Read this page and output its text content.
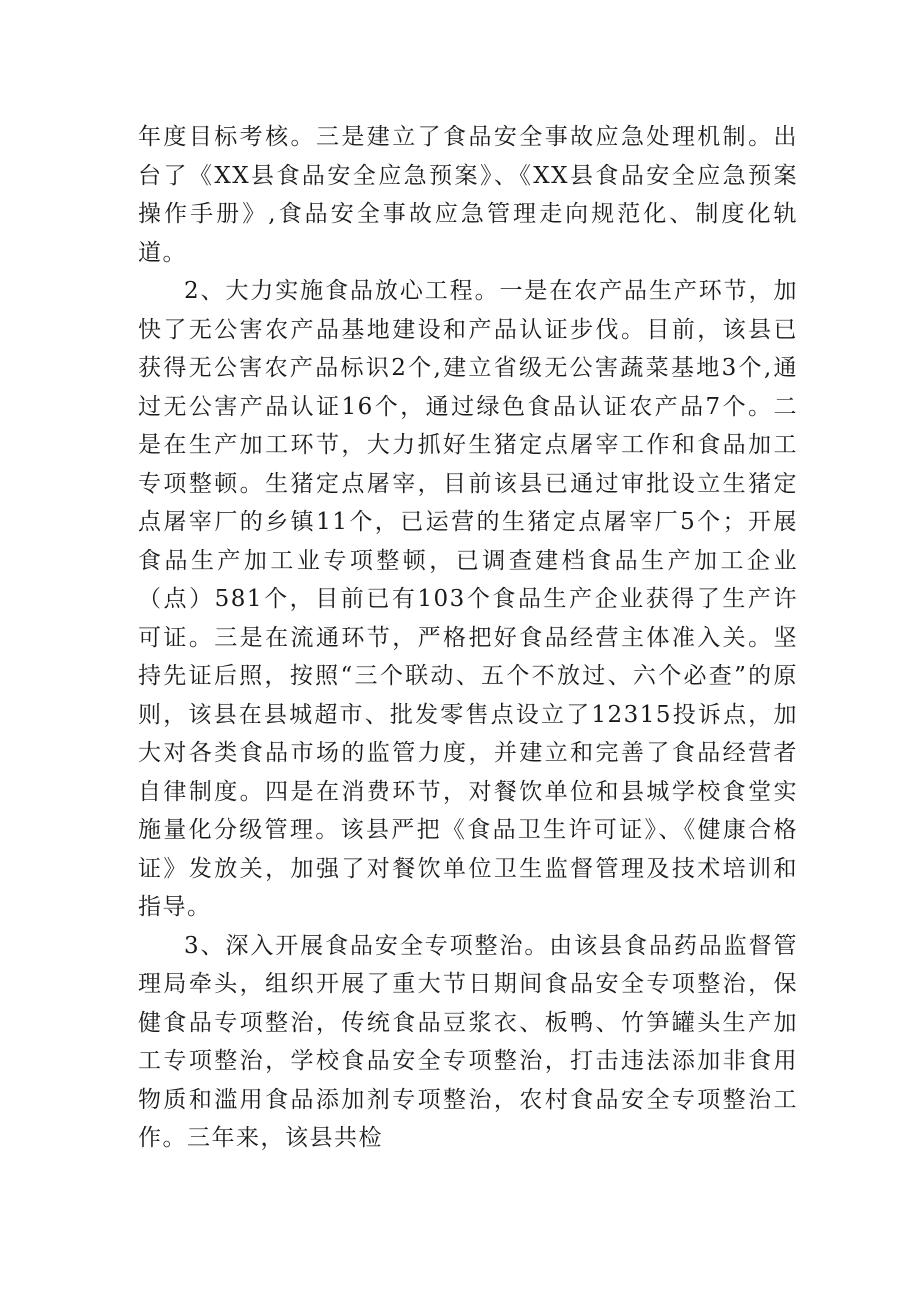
年度目标考核。三是建立了食品安全事故应急处理机制。出台了《XX县食品安全应急预案》、《XX县食品安全应急预案操作手册》,食品安全事故应急管理走向规范化、制度化轨道。

2、大力实施食品放心工程。一是在农产品生产环节，加快了无公害农产品基地建设和产品认证步伐。目前，该县已获得无公害农产品标识2个,建立省级无公害蔬菜基地3个,通过无公害产品认证16个，通过绿色食品认证农产品7个。二是在生产加工环节，大力抓好生猪定点屠宰工作和食品加工专项整顿。生猪定点屠宰，目前该县已通过审批设立生猪定点屠宰厂的乡镇11个，已运营的生猪定点屠宰厂5个；开展食品生产加工业专项整顿，已调查建档食品生产加工企业（点）581个，目前已有103个食品生产企业获得了生产许可证。三是在流通环节，严格把好食品经营主体准入关。坚持先证后照，按照“三个联动、五个不放过、六个必查”的原则，该县在县城超市、批发零售点设立了12315投诉点，加大对各类食品市场的监管力度，并建立和完善了食品经营者自律制度。四是在消费环节，对餐饮单位和县城学校食堂实施量化分级管理。该县严把《食品卫生许可证》、《健康合格证》发放关，加强了对餐饮单位卫生监督管理及技术培训和指导。

3、深入开展食品安全专项整治。由该县食品药品监督管理局牵头，组织开展了重大节日期间食品安全专项整治，保健食品专项整治，传统食品豆浆衣、板鸭、竹笋罐头生产加工专项整治，学校食品安全专项整治，打击违法添加非食用物质和滥用食品添加剂专项整治，农村食品安全专项整治工作。三年来，该县共检
